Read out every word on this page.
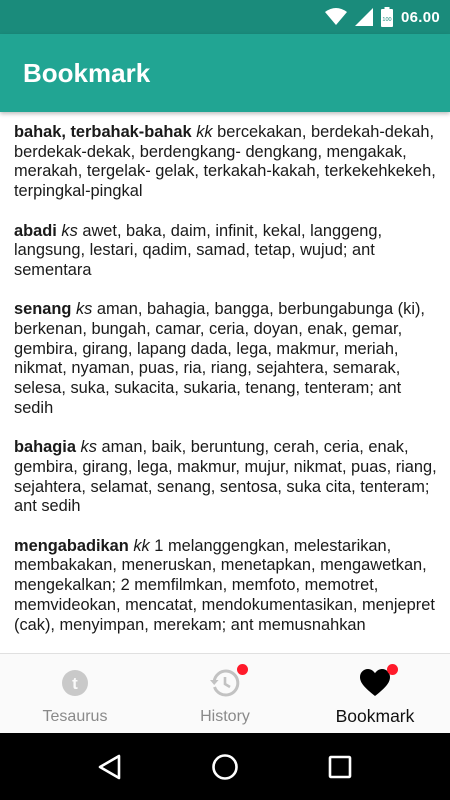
100 06.00
Bookmark
bahak, terbahak-bahak kk bercekakan, berdekah-dekah, berdekak-dekak, berdengkang- dengkang, mengakak, merakah, tergelak- gelak, terkakah-kakah, terkekehkekeh, terpingkal-pingkal
abadi ks awet, baka, daim, infinit, kekal, langgeng, langsung, lestari, qadim, samad, tetap, wujud; ant sementara
senang ks aman, bahagia, bangga, berbungabunga (ki), berkenan, bungah, camar, ceria, doyan, enak, gemar, gembira, girang, lapang dada, lega, makmur, meriah, nikmat, nyaman, puas, ria, riang, sejahtera, semarak, selesa, suka, sukacita, sukaria, tenang, tenteram; ant sedih
bahagia ks aman, baik, beruntung, cerah, ceria, enak, gembira, girang, lega, makmur, mujur, nikmat, puas, riang, sejahtera, selamat, senang, sentosa, suka cita, tenteram; ant sedih
mengabadikan kk 1 melanggengkan, melestarikan, membakakan, meneruskan, menetapkan, mengawetkan, mengekalkan; 2 memfilmkan, memfoto, memotret, memvideokan, mencatat, mendokumentasikan, menjepret (cak), menyimpan, merekam; ant memusnahkan
t
Tesaurus	History	Bookmark
